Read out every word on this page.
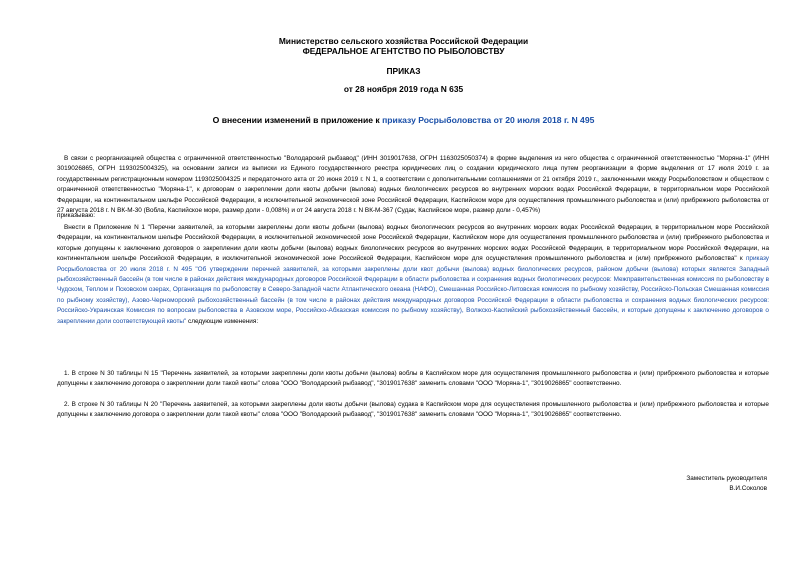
Министерство сельского хозяйства Российской Федерации
ФЕДЕРАЛЬНОЕ АГЕНТСТВО ПО РЫБОЛОВСТВУ
ПРИКАЗ
от 28 ноября 2019 года N 635
О внесении изменений в приложение к приказу Росрыболовства от 20 июля 2018 г. N 495
В связи с реорганизацией общества с ограниченной ответственностью "Володарский рыбзавод" (ИНН 3019017638, ОГРН 1163025050374) в форме выделения из него общества с ограниченной ответственностью "Моряна-1" (ИНН 3019026865, ОГРН 1193025004325), на основании записи из выписки из Единого государственного реестра юридических лиц о создании юридического лица путем реорганизации в форме выделения от 17 июля 2019 г. за государственным регистрационным номером 1193025004325 и передаточного акта от 20 июня 2019 г. N 1, в соответствии с дополнительными соглашениями от 21 октября 2019 г., заключенными между Росрыболовством и обществом с ограниченной ответственностью "Моряна-1", к договорам о закреплении доли квоты добычи (вылова) водных биологических ресурсов во внутренних морских водах Российской Федерации, в территориальном море Российской Федерации, на континентальном шельфе Российской Федерации, в исключительной экономической зоне Российской Федерации, Каспийском море для осуществления промышленного рыболовства и (или) прибрежного рыболовства от 27 августа 2018 г. N ВК-М-30 (Вобла, Каспийское море, размер доли - 0,008%) и от 24 августа 2018 г. N ВК-М-367 (Судак, Каспийское море, размер доли - 0,457%)
приказываю:
Внести в Приложение N 1 "Перечни заявителей, за которыми закреплены доли квоты добычи (вылова) водных биологических ресурсов во внутренних морских водах Российской Федерации, в территориальном море Российской Федерации, на континентальном шельфе Российской Федерации, в исключительной экономической зоне Российской Федерации, Каспийском море для осуществления промышленного рыболовства и (или) прибрежного рыболовства и которые допущены к заключению договоров о закреплении доли квоты добычи (вылова) водных биологических ресурсов во внутренних морских водах Российской Федерации, в территориальном море Российской Федерации, на континентальном шельфе Российской Федерации, в исключительной экономической зоне Российской Федерации, Каспийском море для осуществления промышленного рыболовства и (или) прибрежного рыболовства" к приказу Росрыболовства от 20 июля 2018 г. N 495 "Об утверждении перечней заявителей, за которыми закреплены доли квот добычи (вылова) водных биологических ресурсов, районом добычи (вылова) которых является Западный рыбохозяйственный бассейн (в том числе в районах действия международных договоров Российской Федерации в области рыболовства и сохранения водных биологических ресурсов: Межправительственная комиссия по рыболовству в Чудском, Теплом и Псковском озерах, Организация по рыболовству в Северо-Западной части Атлантического океана (НАФО), Смешанная Российско-Литовская комиссия по рыбному хозяйству, Российско-Польская Смешанная комиссия по рыбному хозяйству), Азово-Черноморский рыбохозяйственный бассейн (в том числе в районах действия международных договоров Российской Федерации в области рыболовства и сохранения водных биологических ресурсов: Российско-Украинская Комиссия по вопросам рыболовства в Азовском море, Российско-Абхазская комиссия по рыбному хозяйству), Волжско-Каспийский рыбохозяйственный бассейн, и которые допущены к заключению договоров о закреплении доли соответствующей квоты" следующие изменения:
1. В строке N 30 таблицы N 15 "Перечень заявителей, за которыми закреплены доли квоты добычи (вылова) воблы в Каспийском море для осуществления промышленного рыболовства и (или) прибрежного рыболовства и которые допущены к заключению договора о закреплении доли такой квоты" слова "ООО "Володарский рыбзавод", "3019017638" заменить словами "ООО "Моряна-1", "3019026865" соответственно.
2. В строке N 30 таблицы N 20 "Перечень заявителей, за которыми закреплены доли квоты добычи (вылова) судака в Каспийском море для осуществления промышленного рыболовства и (или) прибрежного рыболовства и которые допущены к заключению договора о закреплении доли такой квоты" слова "ООО "Володарский рыбзавод", "3019017638" заменить словами "ООО "Моряна-1", "3019026865" соответственно.
Заместитель руководителя
В.И.Соколов
